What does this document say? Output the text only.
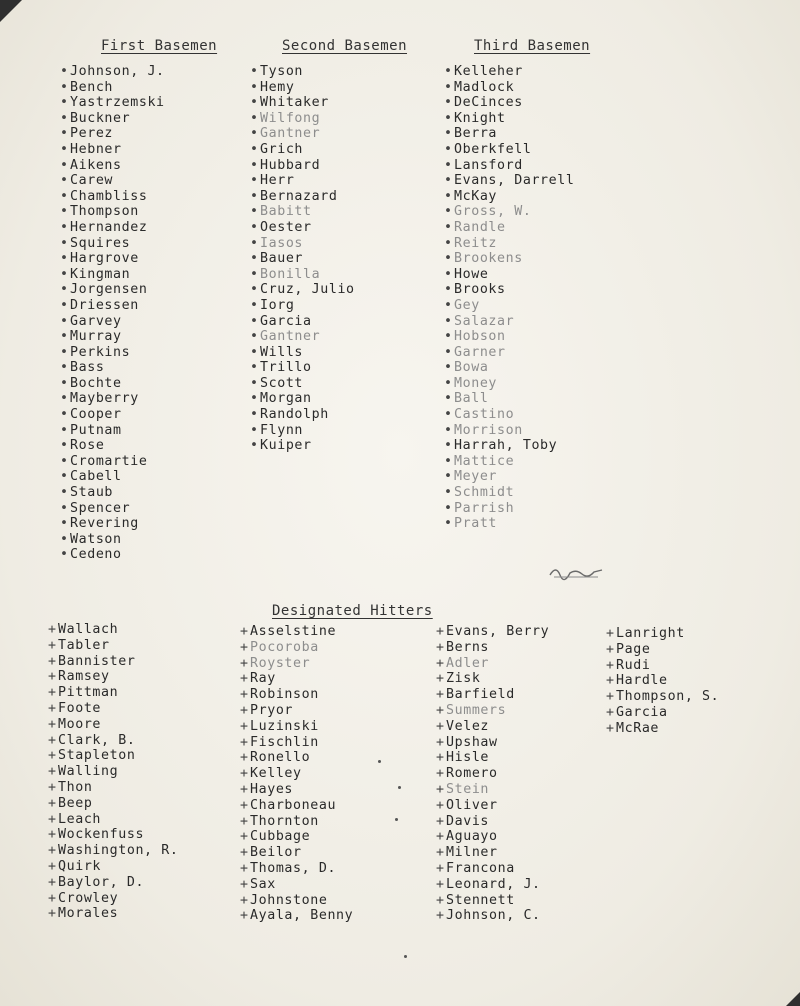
First Basemen	Second Basemen	Third Basemen
•Johnson, J.
•Bench
•Yastrzemski
•Buckner
•Perez
•Hebner
•Aikens
•Carew
•Chambliss
•Thompson
•Hernandez
•Squires
•Hargrove
•Kingman
•Jorgensen
•Driessen
•Garvey
•Murray
•Perkins
•Bass
•Bochte
•Mayberry
•Cooper
•Putnam
•Rose
•Cromartie
•Cabell
•Staub
•Spencer
•Revering
•Watson
•Cedeno
•Tyson
•Hemy
•Whitaker
•Wilfong
•Gantner
•Grich
•Hubbard
•Herr
•Bernazard
•Babitt
•Oester
•Iasos
•Bauer
•Bonilla
•Cruz, Julio
•Iorg
•Garcia
•Gantner
•Wills
•Trillo
•Scott
•Morgan
•Randolph
•Flynn
•Kuiper
•Kelleher
•Madlock
•DeCinces
•Knight
•Berra
•Oberkfell
•Lansford
•Evans, Darrell
•McKay
•Gross, W.
•Randle
•Reitz
•Brookens
•Howe
•Brooks
•Gey
•Salazar
•Hobson
•Garner
•Bowa
•Money
•Ball
•Castino
•Morrison
•Harrah, Toby
•Mattice
•Meyer
•Schmidt
•Parrish
•Pratt
Designated Hitters
+Wallach
+Tabler
+Bannister
+Ramsey
+Pittman
+Foote
+Moore
+Clark, B.
+Stapleton
+Walling
+Thon
+Beep
+Leach
+Wockenfuss
+Washington, R.
+Quirk
+Baylor, D.
+Crowley
+Morales
+Asselstine
+Pocoroba
+Royster
+Ray
+Robinson
+Pryor
+Luzinski
+Fischlin
+Ronello
+Kelley
+Hayes
+Charboneau
+Thornton
+Cubbage
+Beilor
+Thomas, D.
+Sax
+Johnstone
+Ayala, Benny
+Evans, Berry
+Berns
+Adler
+Zisk
+Barfield
+Summers
+Velez
+Upshaw
+Hisle
+Romero
+Stein
+Oliver
+Davis
+Aguayo
+Milner
+Francona
+Leonard, J.
+Stennett
+Johnson, C.
+Lanright
+Page
+Rudi
+Hardle
+Thompson, S.
+Garcia
+McRae
